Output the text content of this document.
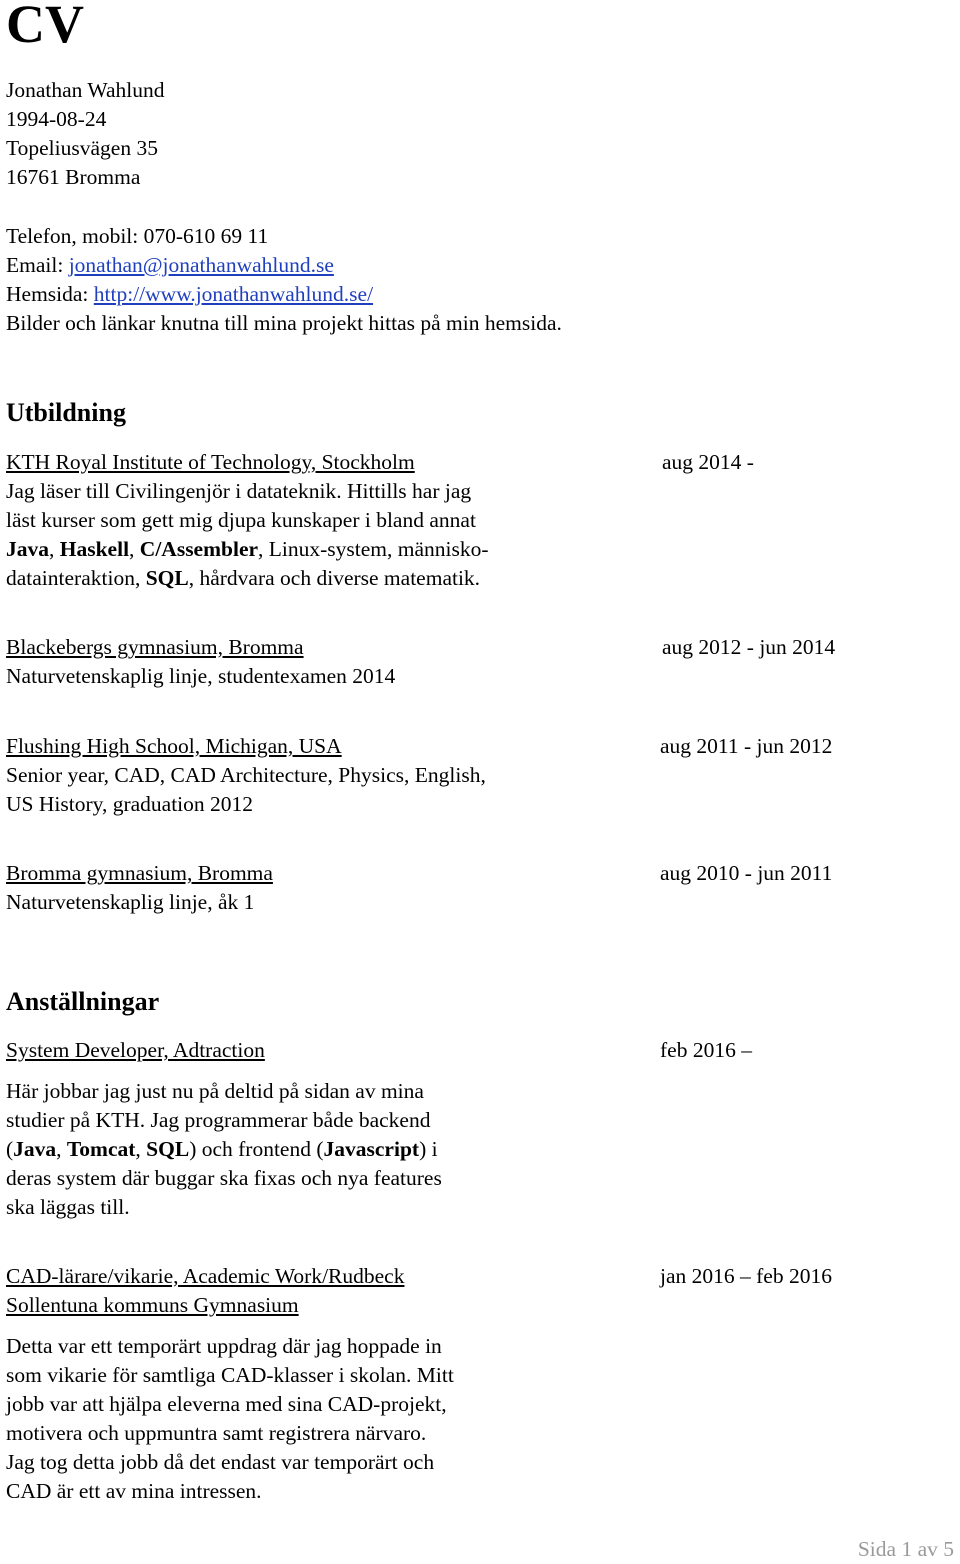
CV
Jonathan Wahlund
1994-08-24
Topeliusvägen 35
16761 Bromma
Telefon, mobil: 070-610 69 11
Email: jonathan@jonathanwahlund.se
Hemsida: http://www.jonathanwahlund.se/
Bilder och länkar knutna till mina projekt hittas på min hemsida.
Utbildning
KTH Royal Institute of Technology, Stockholm	aug 2014 -
Jag läser till Civilingenjör i datateknik. Hittills har jag
läst kurser som gett mig djupa kunskaper i bland annat
Java, Haskell, C/Assembler, Linux-system, människo-
datainteraktion, SQL, hårdvara och diverse matematik.
Blackebergs gymnasium, Bromma	aug 2012 - jun 2014
Naturvetenskaplig linje, studentexamen 2014
Flushing High School, Michigan, USA	aug 2011 - jun 2012
Senior year, CAD, CAD Architecture, Physics, English,
US History, graduation 2012
Bromma gymnasium, Bromma	aug 2010 - jun 2011
Naturvetenskaplig linje, åk 1
Anställningar
System Developer, Adtraction	feb 2016 –
Här jobbar jag just nu på deltid på sidan av mina
studier på KTH. Jag programmerar både backend
(Java, Tomcat, SQL) och frontend (Javascript) i
deras system där buggar ska fixas och nya features
ska läggas till.
CAD-lärare/vikarie, Academic Work/Rudbeck	jan 2016 – feb 2016
Sollentuna kommuns Gymnasium
Detta var ett temporärt uppdrag där jag hoppade in
som vikarie för samtliga CAD-klasser i skolan. Mitt
jobb var att hjälpa eleverna med sina CAD-projekt,
motivera och uppmuntra samt registrera närvaro.
Jag tog detta jobb då det endast var temporärt och
CAD är ett av mina intressen.
Sida 1 av 5
